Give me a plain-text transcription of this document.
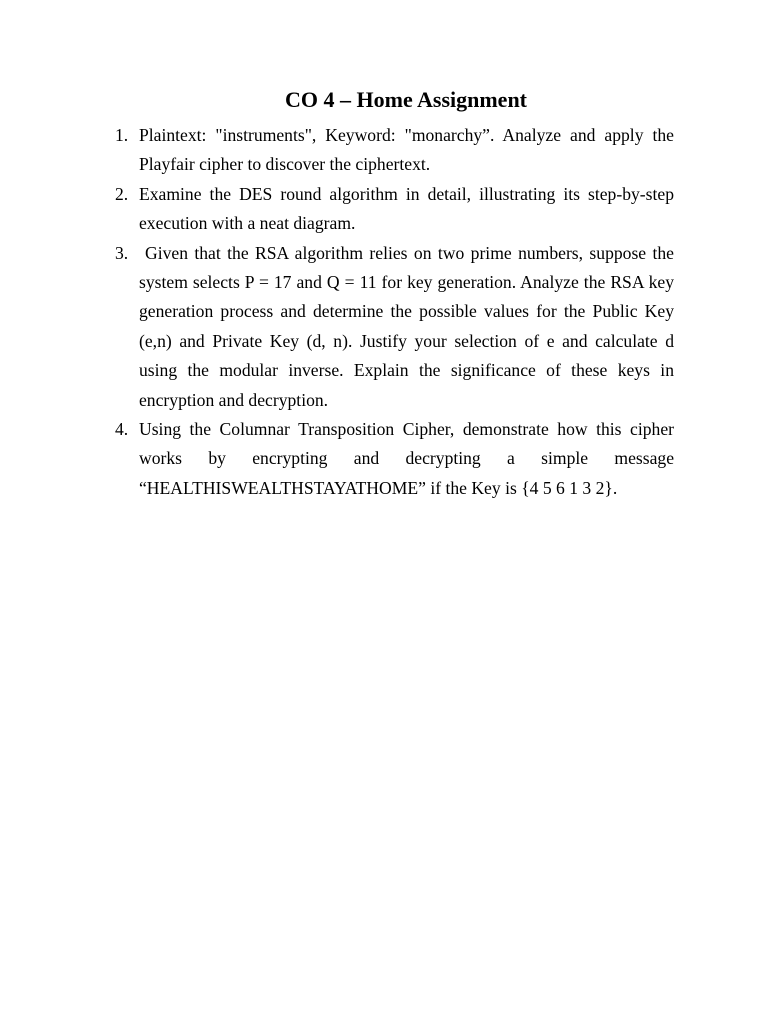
CO 4 – Home Assignment
1. Plaintext: "instruments", Keyword: "monarchy”. Analyze and apply the Playfair cipher to discover the ciphertext.
2. Examine the DES round algorithm in detail, illustrating its step-by-step execution with a neat diagram.
3. Given that the RSA algorithm relies on two prime numbers, suppose the system selects P = 17 and Q = 11 for key generation. Analyze the RSA key generation process and determine the possible values for the Public Key (e,n) and Private Key (d, n). Justify your selection of e and calculate d using the modular inverse. Explain the significance of these keys in encryption and decryption.
4. Using the Columnar Transposition Cipher, demonstrate how this cipher works by encrypting and decrypting a simple message “HEALTHISWEALTHSTAYATHOME” if the Key is {4 5 6 1 3 2}.
